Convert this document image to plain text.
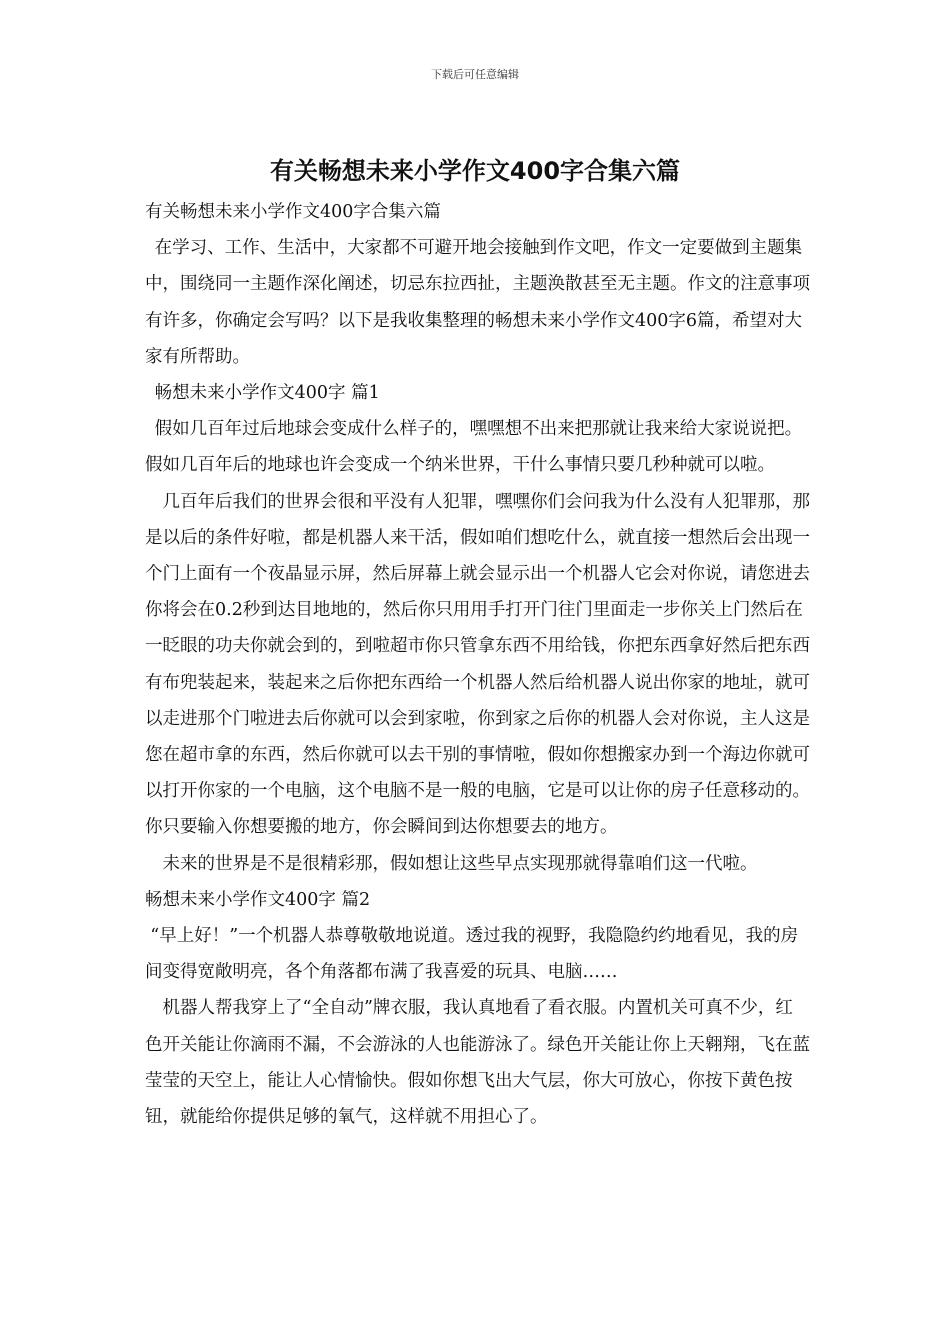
下载后可任意编辑
有关畅想未来小学作文400字合集六篇

有关畅想未来小学作文400字合集六篇

在学习、工作、生活中，大家都不可避开地会接触到作文吧，作文一定要做到主题集中，围绕同一主题作深化阐述，切忌东拉西扯，主题涣散甚至无主题。作文的注意事项有许多，你确定会写吗？以下是我收集整理的畅想未来小学作文400字6篇，希望对大家有所帮助。

畅想未来小学作文400字 篇1

假如几百年过后地球会变成什么样子的，嘿嘿想不出来把那就让我来给大家说说把。假如几百年后的地球也许会变成一个纳米世界，干什么事情只要几秒种就可以啦。

几百年后我们的世界会很和平没有人犯罪，嘿嘿你们会问我为什么没有人犯罪那，那是以后的条件好啦，都是机器人来干活，假如咱们想吃什么，就直接一想然后会出现一个门上面有一个夜晶显示屏，然后屏幕上就会显示出一个机器人它会对你说，请您进去你将会在0.2秒到达目地地的，然后你只用用手打开门往门里面走一步你关上门然后在一眨眼的功夫你就会到的，到啦超市你只管拿东西不用给钱，你把东西拿好然后把东西有布兜装起来，装起来之后你把东西给一个机器人然后给机器人说出你家的地址，就可以走进那个门啦进去后你就可以会到家啦，你到家之后你的机器人会对你说，主人这是您在超市拿的东西，然后你就可以去干别的事情啦，假如你想搬家办到一个海边你就可以打开你家的一个电脑，这个电脑不是一般的电脑，它是可以让你的房子任意移动的。你只要输入你想要搬的地方，你会瞬间到达你想要去的地方。

未来的世界是不是很精彩那，假如想让这些早点实现那就得靠咱们这一代啦。

畅想未来小学作文400字 篇2

“早上好！”一个机器人恭尊敬敬地说道。透过我的视野，我隐隐约约地看见，我的房间变得宽敞明亮，各个角落都布满了我喜爱的玩具、电脑……

机器人帮我穿上了“全自动”牌衣服，我认真地看了看衣服。内置机关可真不少，红色开关能让你滴雨不漏，不会游泳的人也能游泳了。绿色开关能让你上天翱翔，飞在蓝莹莹的天空上，能让人心情愉快。假如你想飞出大气层，你大可放心，你按下黄色按钮，就能给你提供足够的氧气，这样就不用担心了。
